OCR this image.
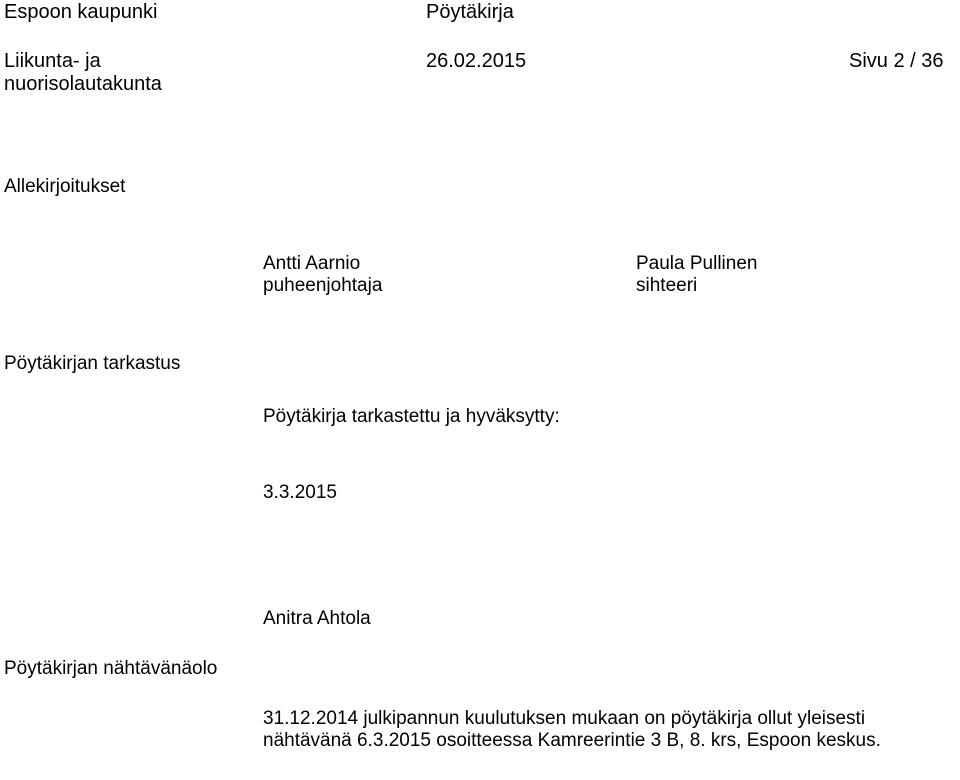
Espoon kaupunki	Pöytäkirja
Liikunta- ja
nuorisolautakunta
26.02.2015	Sivu 2 / 36
Allekirjoitukset
Antti Aarnio
puheenjohtaja
Paula Pullinen
sihteeri
Pöytäkirjan tarkastus
Pöytäkirja tarkastettu ja hyväksytty:
3.3.2015
Anitra Ahtola
Pöytäkirjan nähtävänäolo
31.12.2014 julkipannun kuulutuksen mukaan on pöytäkirja ollut yleisesti nähtävänä 6.3.2015 osoitteessa Kamreerintie 3 B, 8. krs, Espoon keskus.
